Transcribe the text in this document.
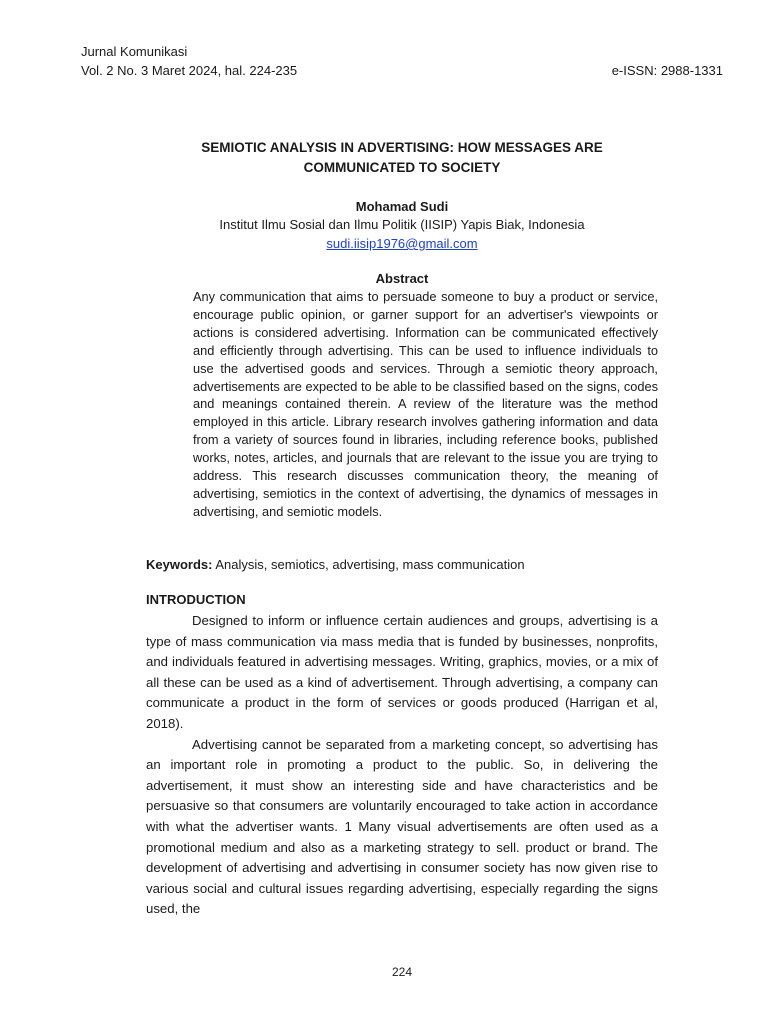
Jurnal Komunikasi
Vol. 2 No. 3 Maret 2024, hal. 224-235	e-ISSN: 2988-1331
SEMIOTIC ANALYSIS IN ADVERTISING: HOW MESSAGES ARE
COMMUNICATED TO SOCIETY
Mohamad Sudi
Institut Ilmu Sosial dan Ilmu Politik (IISIP) Yapis Biak, Indonesia
sudi.iisip1976@gmail.com
Abstract

Any communication that aims to persuade someone to buy a product or service, encourage public opinion, or garner support for an advertiser's viewpoints or actions is considered advertising. Information can be communicated effectively and efficiently through advertising. This can be used to influence individuals to use the advertised goods and services. Through a semiotic theory approach, advertisements are expected to be able to be classified based on the signs, codes and meanings contained therein. A review of the literature was the method employed in this article. Library research involves gathering information and data from a variety of sources found in libraries, including reference books, published works, notes, articles, and journals that are relevant to the issue you are trying to address. This research discusses communication theory, the meaning of advertising, semiotics in the context of advertising, the dynamics of messages in advertising, and semiotic models.

Keywords: Analysis, semiotics, advertising, mass communication
INTRODUCTION

Designed to inform or influence certain audiences and groups, advertising is a type of mass communication via mass media that is funded by businesses, nonprofits, and individuals featured in advertising messages. Writing, graphics, movies, or a mix of all these can be used as a kind of advertisement. Through advertising, a company can communicate a product in the form of services or goods produced (Harrigan et al, 2018).

Advertising cannot be separated from a marketing concept, so advertising has an important role in promoting a product to the public. So, in delivering the advertisement, it must show an interesting side and have characteristics and be persuasive so that consumers are voluntarily encouraged to take action in accordance with what the advertiser wants. 1 Many visual advertisements are often used as a promotional medium and also as a marketing strategy to sell. product or brand. The development of advertising and advertising in consumer society has now given rise to various social and cultural issues regarding advertising, especially regarding the signs used, the

224
